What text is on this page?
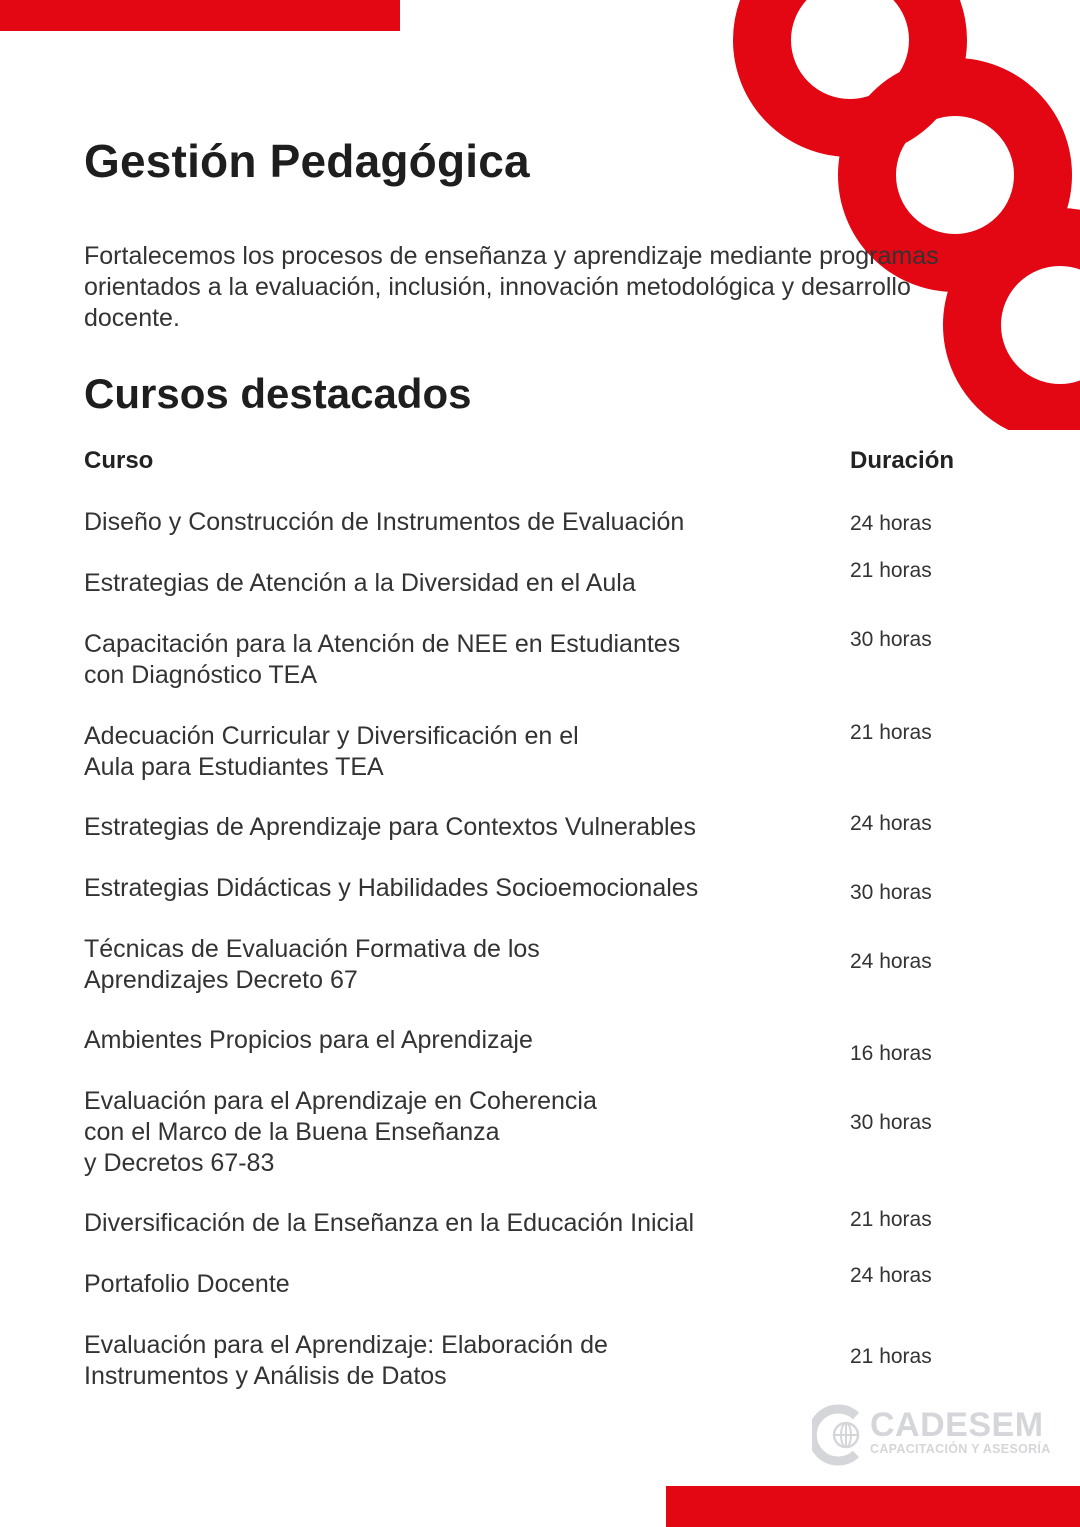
Gestión Pedagógica

Fortalecemos los procesos de enseñanza y aprendizaje mediante programas orientados a la evaluación, inclusión, innovación metodológica y desarrollo docente.

Cursos destacados
Curso	Duración
Diseño y Construcción de Instrumentos de Evaluación	24 horas
Estrategias de Atención a la Diversidad en el Aula	21 horas
Capacitación para la Atención de NEE en Estudiantes
con Diagnóstico TEA
30 horas
Adecuación Curricular y Diversificación en el
Aula para Estudiantes TEA
21 horas
Estrategias de Aprendizaje para Contextos Vulnerables	24 horas
Estrategias Didácticas y Habilidades Socioemocionales	30 horas
Técnicas de Evaluación Formativa de los
Aprendizajes Decreto 67
24 horas
Ambientes Propicios para el Aprendizaje	16 horas
Evaluación para el Aprendizaje en Coherencia
con el Marco de la Buena Enseñanza
y Decretos 67-83
30 horas
Diversificación de la Enseñanza en la Educación Inicial	21 horas
Portafolio Docente	24 horas
Evaluación para el Aprendizaje: Elaboración de
Instrumentos y Análisis de Datos
21 horas
CADESEM
CAPACITACIÓN Y ASESORÍA
